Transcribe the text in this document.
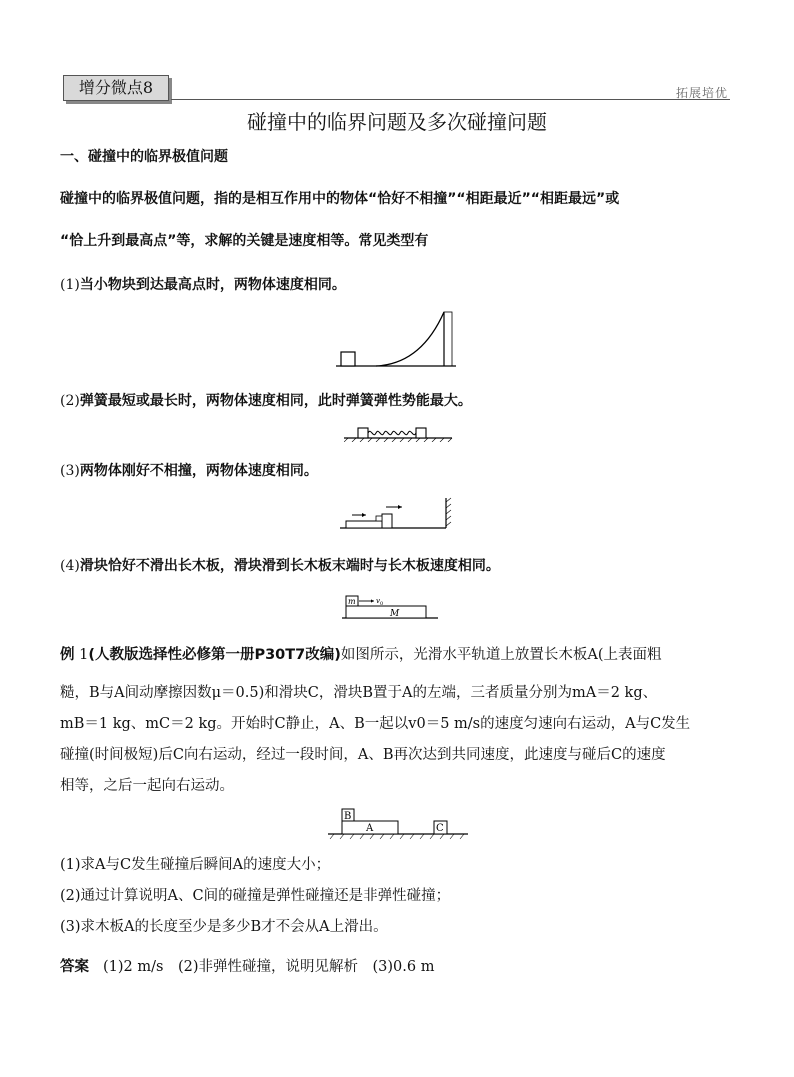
增分微点8	拓展培优
碰撞中的临界问题及多次碰撞问题
一、碰撞中的临界极值问题
碰撞中的临界极值问题，指的是相互作用中的物体“恰好不相撞”“相距最近”“相距最远”或
“恰上升到最高点”等，求解的关键是速度相等。常见类型有
(1)当小物块到达最高点时，两物体速度相同。
(2)弹簧最短或最长时，两物体速度相同，此时弹簧弹性势能最大。
(3)两物体刚好不相撞，两物体速度相同。
(4)滑块恰好不滑出长木板，滑块滑到长木板末端时与长木板速度相同。
m	$v_0$
M
例 1(人教版选择性必修第一册P30T7改编)如图所示，光滑水平轨道上放置长木板A(上表面粗
糙，B与A间动摩擦因数μ＝0.5)和滑块C，滑块B置于A的左端，三者质量分别为mA＝2 kg、
mB＝1 kg、mC＝2 kg。开始时C静止，A、B一起以v0＝5 m/s的速度匀速向右运动，A与C发生
碰撞(时间极短)后C向右运动，经过一段时间，A、B再次达到共同速度，此速度与碰后C的速度
相等，之后一起向右运动。
B
A	C
(1)求A与C发生碰撞后瞬间A的速度大小；
(2)通过计算说明A、C间的碰撞是弹性碰撞还是非弹性碰撞；
(3)求木板A的长度至少是多少B才不会从A上滑出。
答案 (1)2 m/s　(2)非弹性碰撞，说明见解析　(3)0.6 m
